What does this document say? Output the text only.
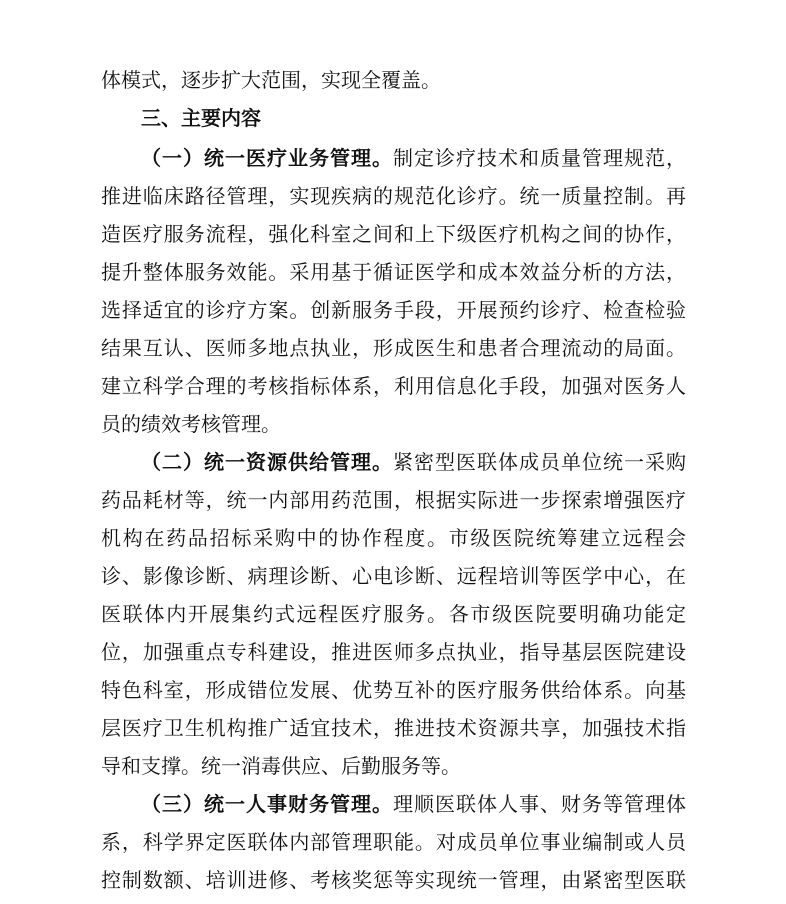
体模式，逐步扩大范围，实现全覆盖。
三、主要内容
（一）统一医疗业务管理。制定诊疗技术和质量管理规范，
推进临床路径管理，实现疾病的规范化诊疗。统一质量控制。再
造医疗服务流程，强化科室之间和上下级医疗机构之间的协作，
提升整体服务效能。采用基于循证医学和成本效益分析的方法，
选择适宜的诊疗方案。创新服务手段，开展预约诊疗、检查检验
结果互认、医师多地点执业，形成医生和患者合理流动的局面。
建立科学合理的考核指标体系，利用信息化手段，加强对医务人
员的绩效考核管理。
（二）统一资源供给管理。紧密型医联体成员单位统一采购
药品耗材等，统一内部用药范围，根据实际进一步探索增强医疗
机构在药品招标采购中的协作程度。市级医院统筹建立远程会
诊、影像诊断、病理诊断、心电诊断、远程培训等医学中心，在
医联体内开展集约式远程医疗服务。各市级医院要明确功能定
位，加强重点专科建设，推进医师多点执业，指导基层医院建设
特色科室，形成错位发展、优势互补的医疗服务供给体系。向基
层医疗卫生机构推广适宜技术，推进技术资源共享，加强技术指
导和支撑。统一消毒供应、后勤服务等。
（三）统一人事财务管理。理顺医联体人事、财务等管理体
系，科学界定医联体内部管理职能。对成员单位事业编制或人员
控制数额、培训进修、考核奖惩等实现统一管理，由紧密型医联
